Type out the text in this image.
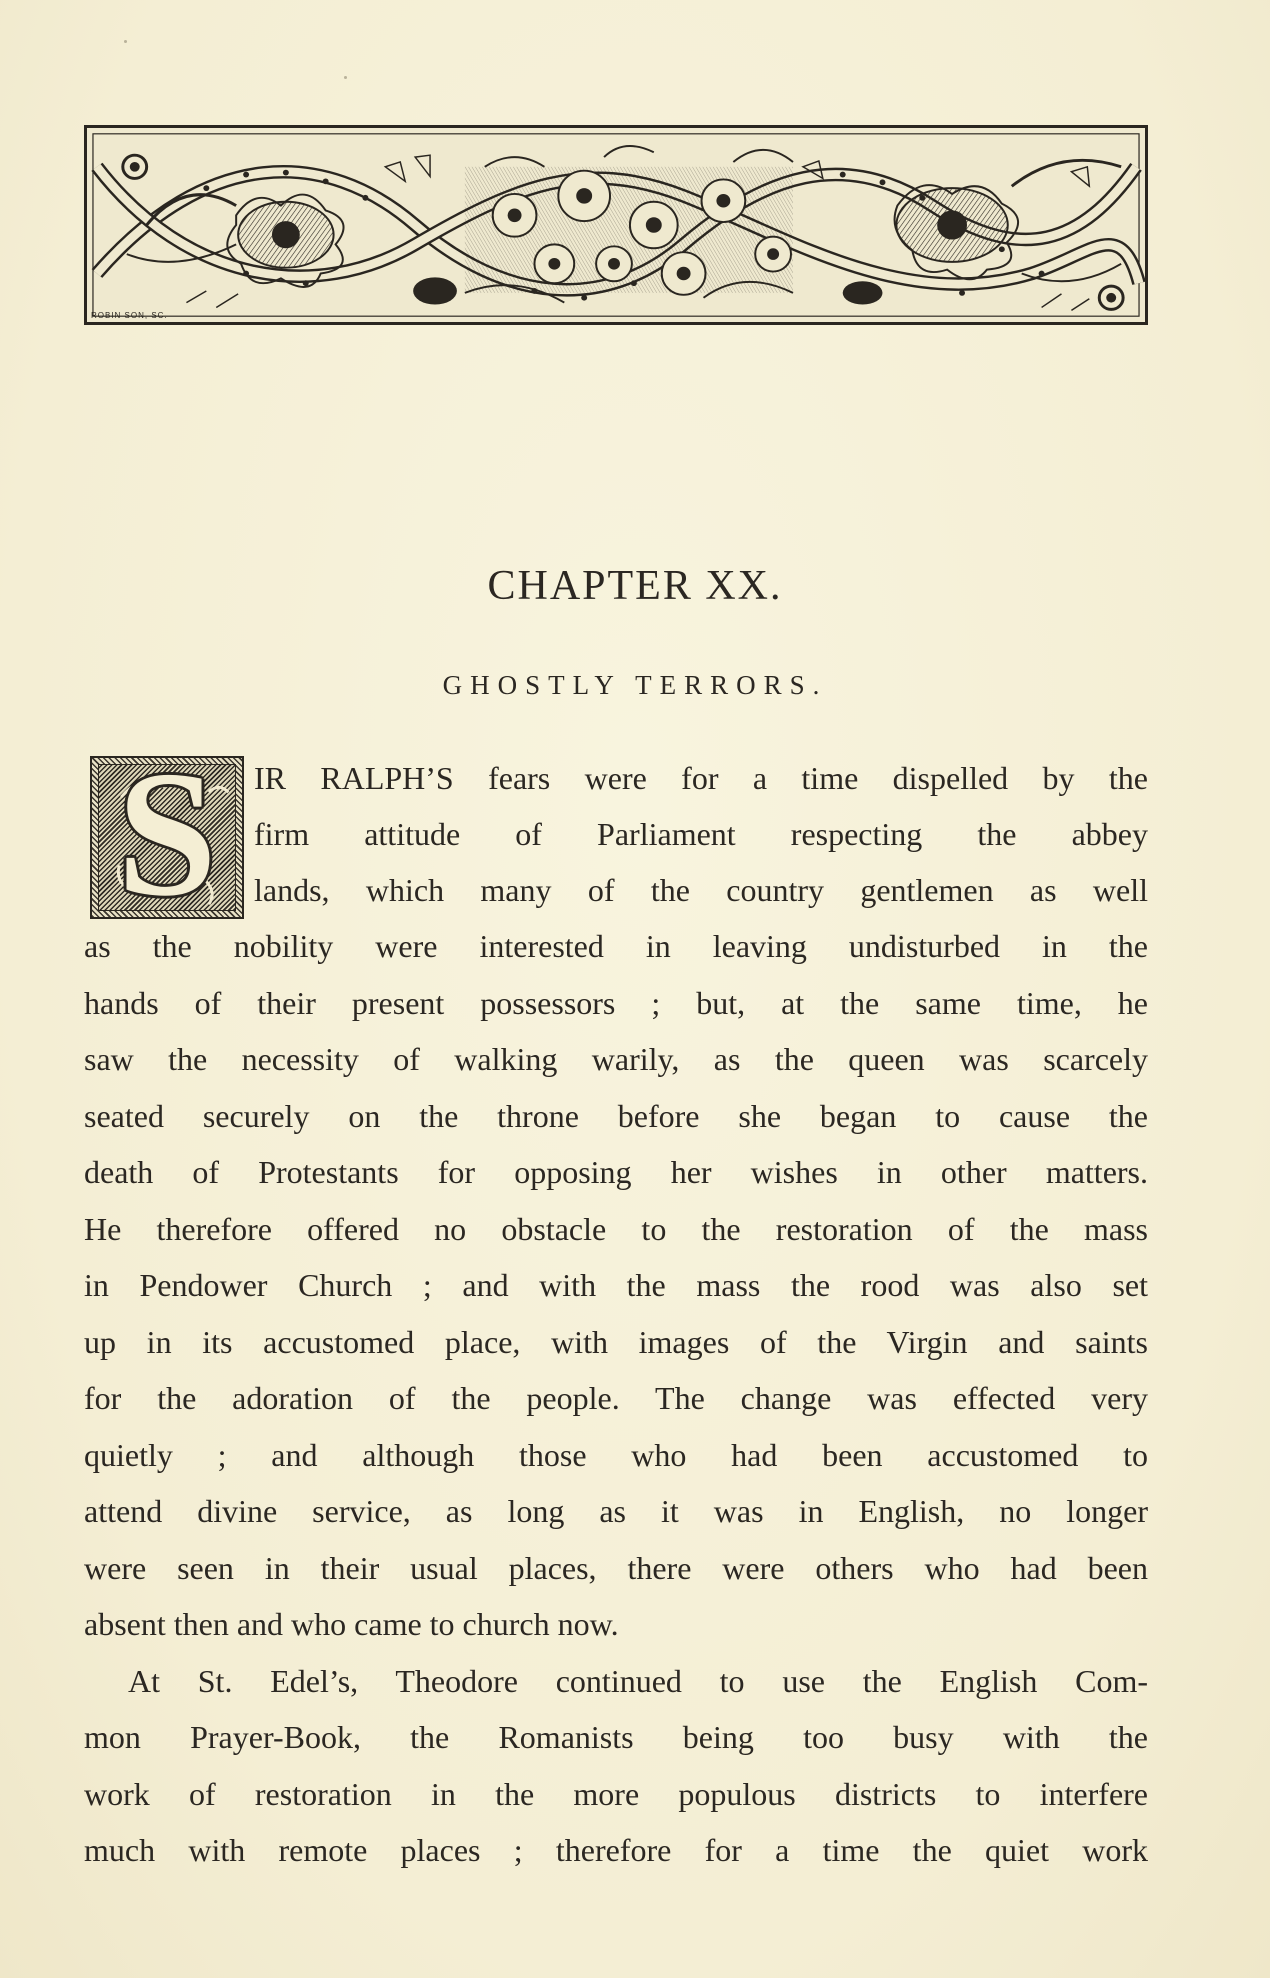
ROBIN SON, SC.
CHAPTER XX.
GHOSTLY TERRORS.
S	IR RALPH’S fears were for a time dispelled by the
firm attitude of Parliament respecting the abbey
lands, which many of the country gentlemen as well
as the nobility were interested in leaving undisturbed in the
hands of their present possessors ; but, at the same time, he
saw the necessity of walking warily, as the queen was scarcely
seated securely on the throne before she began to cause the
death of Protestants for opposing her wishes in other matters.
He therefore offered no obstacle to the restoration of the mass
in Pendower Church ; and with the mass the rood was also set
up in its accustomed place, with images of the Virgin and saints
for the adoration of the people. The change was effected very
quietly ; and although those who had been accustomed to
attend divine service, as long as it was in English, no longer
were seen in their usual places, there were others who had been
absent then and who came to church now.
At St. Edel’s, Theodore continued to use the English Com-
mon Prayer-Book, the Romanists being too busy with the
work of restoration in the more populous districts to interfere
much with remote places ; therefore for a time the quiet work
